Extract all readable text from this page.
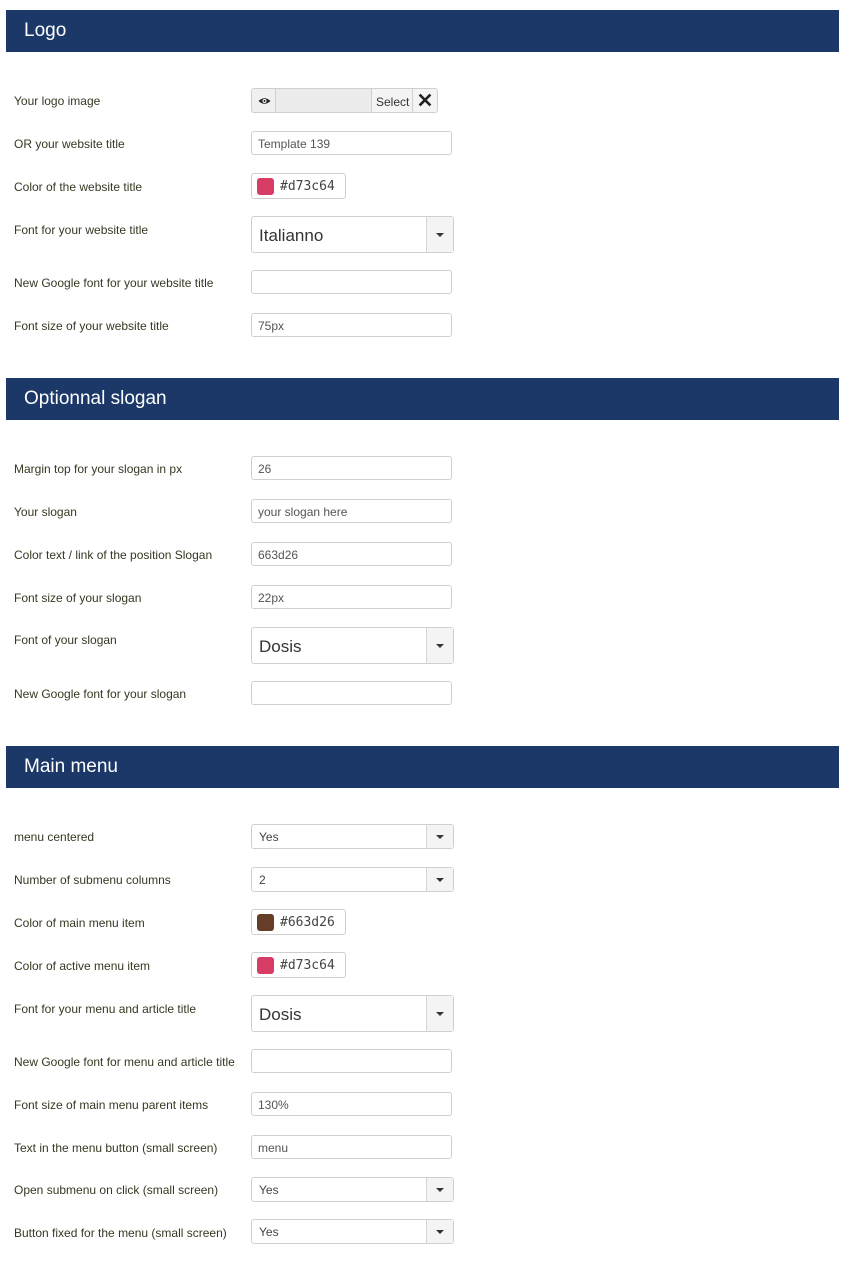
Logo
Your logo image	Select
OR your website title	Template 139
Color of the website title	#d73c64
Font for your website title	Italianno
New Google font for your website title
Font size of your website title	75px
Optionnal slogan
Margin top for your slogan in px	26
Your slogan	your slogan here
Color text / link of the position Slogan	663d26
Font size of your slogan	22px
Font of your slogan	Dosis
New Google font for your slogan
Main menu
menu centered	Yes
Number of submenu columns	2
Color of main menu item	#663d26
Color of active menu item	#d73c64
Font for your menu and article title	Dosis
New Google font for menu and article title
Font size of main menu parent items	130%
Text in the menu button (small screen)	menu
Open submenu on click (small screen)	Yes
Button fixed for the menu (small screen)	Yes
